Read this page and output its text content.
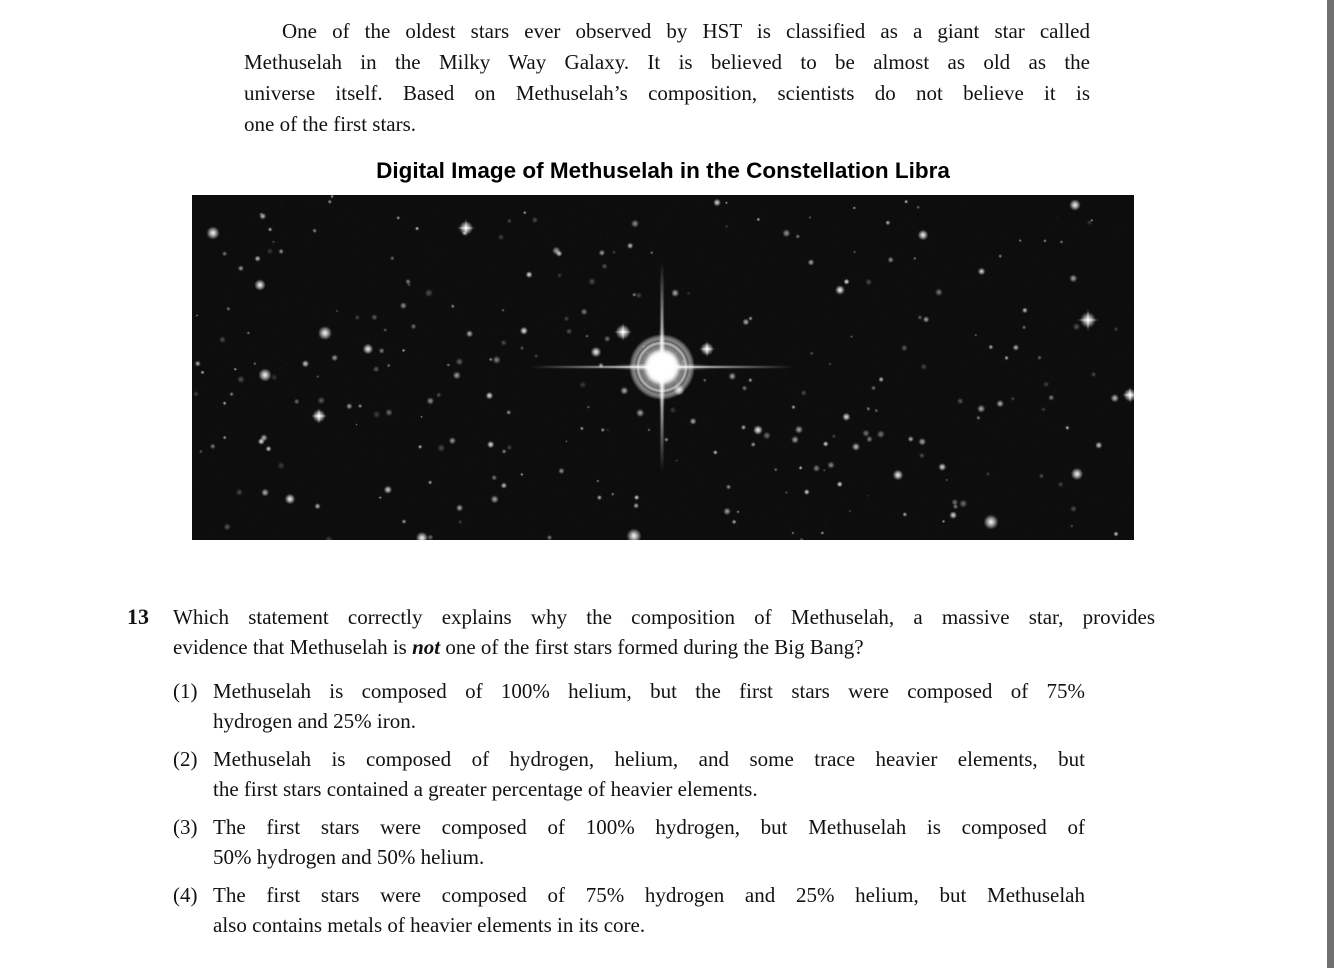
One of the oldest stars ever observed by HST is classified as a giant star called
Methuselah in the Milky Way Galaxy. It is believed to be almost as old as the
universe itself. Based on Methuselah’s composition, scientists do not believe it is
one of the first stars.
Digital Image of Methuselah in the Constellation Libra
13 Which statement correctly explains why the composition of Methuselah, a massive star, provides
evidence that Methuselah is not one of the first stars formed during the Big Bang?
(1) Methuselah is composed of 100% helium, but the first stars were composed of 75%
hydrogen and 25% iron.
(2) Methuselah is composed of hydrogen, helium, and some trace heavier elements, but
the first stars contained a greater percentage of heavier elements.
(3) The first stars were composed of 100% hydrogen, but Methuselah is composed of
50% hydrogen and 50% helium.
(4) The first stars were composed of 75% hydrogen and 25% helium, but Methuselah
also contains metals of heavier elements in its core.
